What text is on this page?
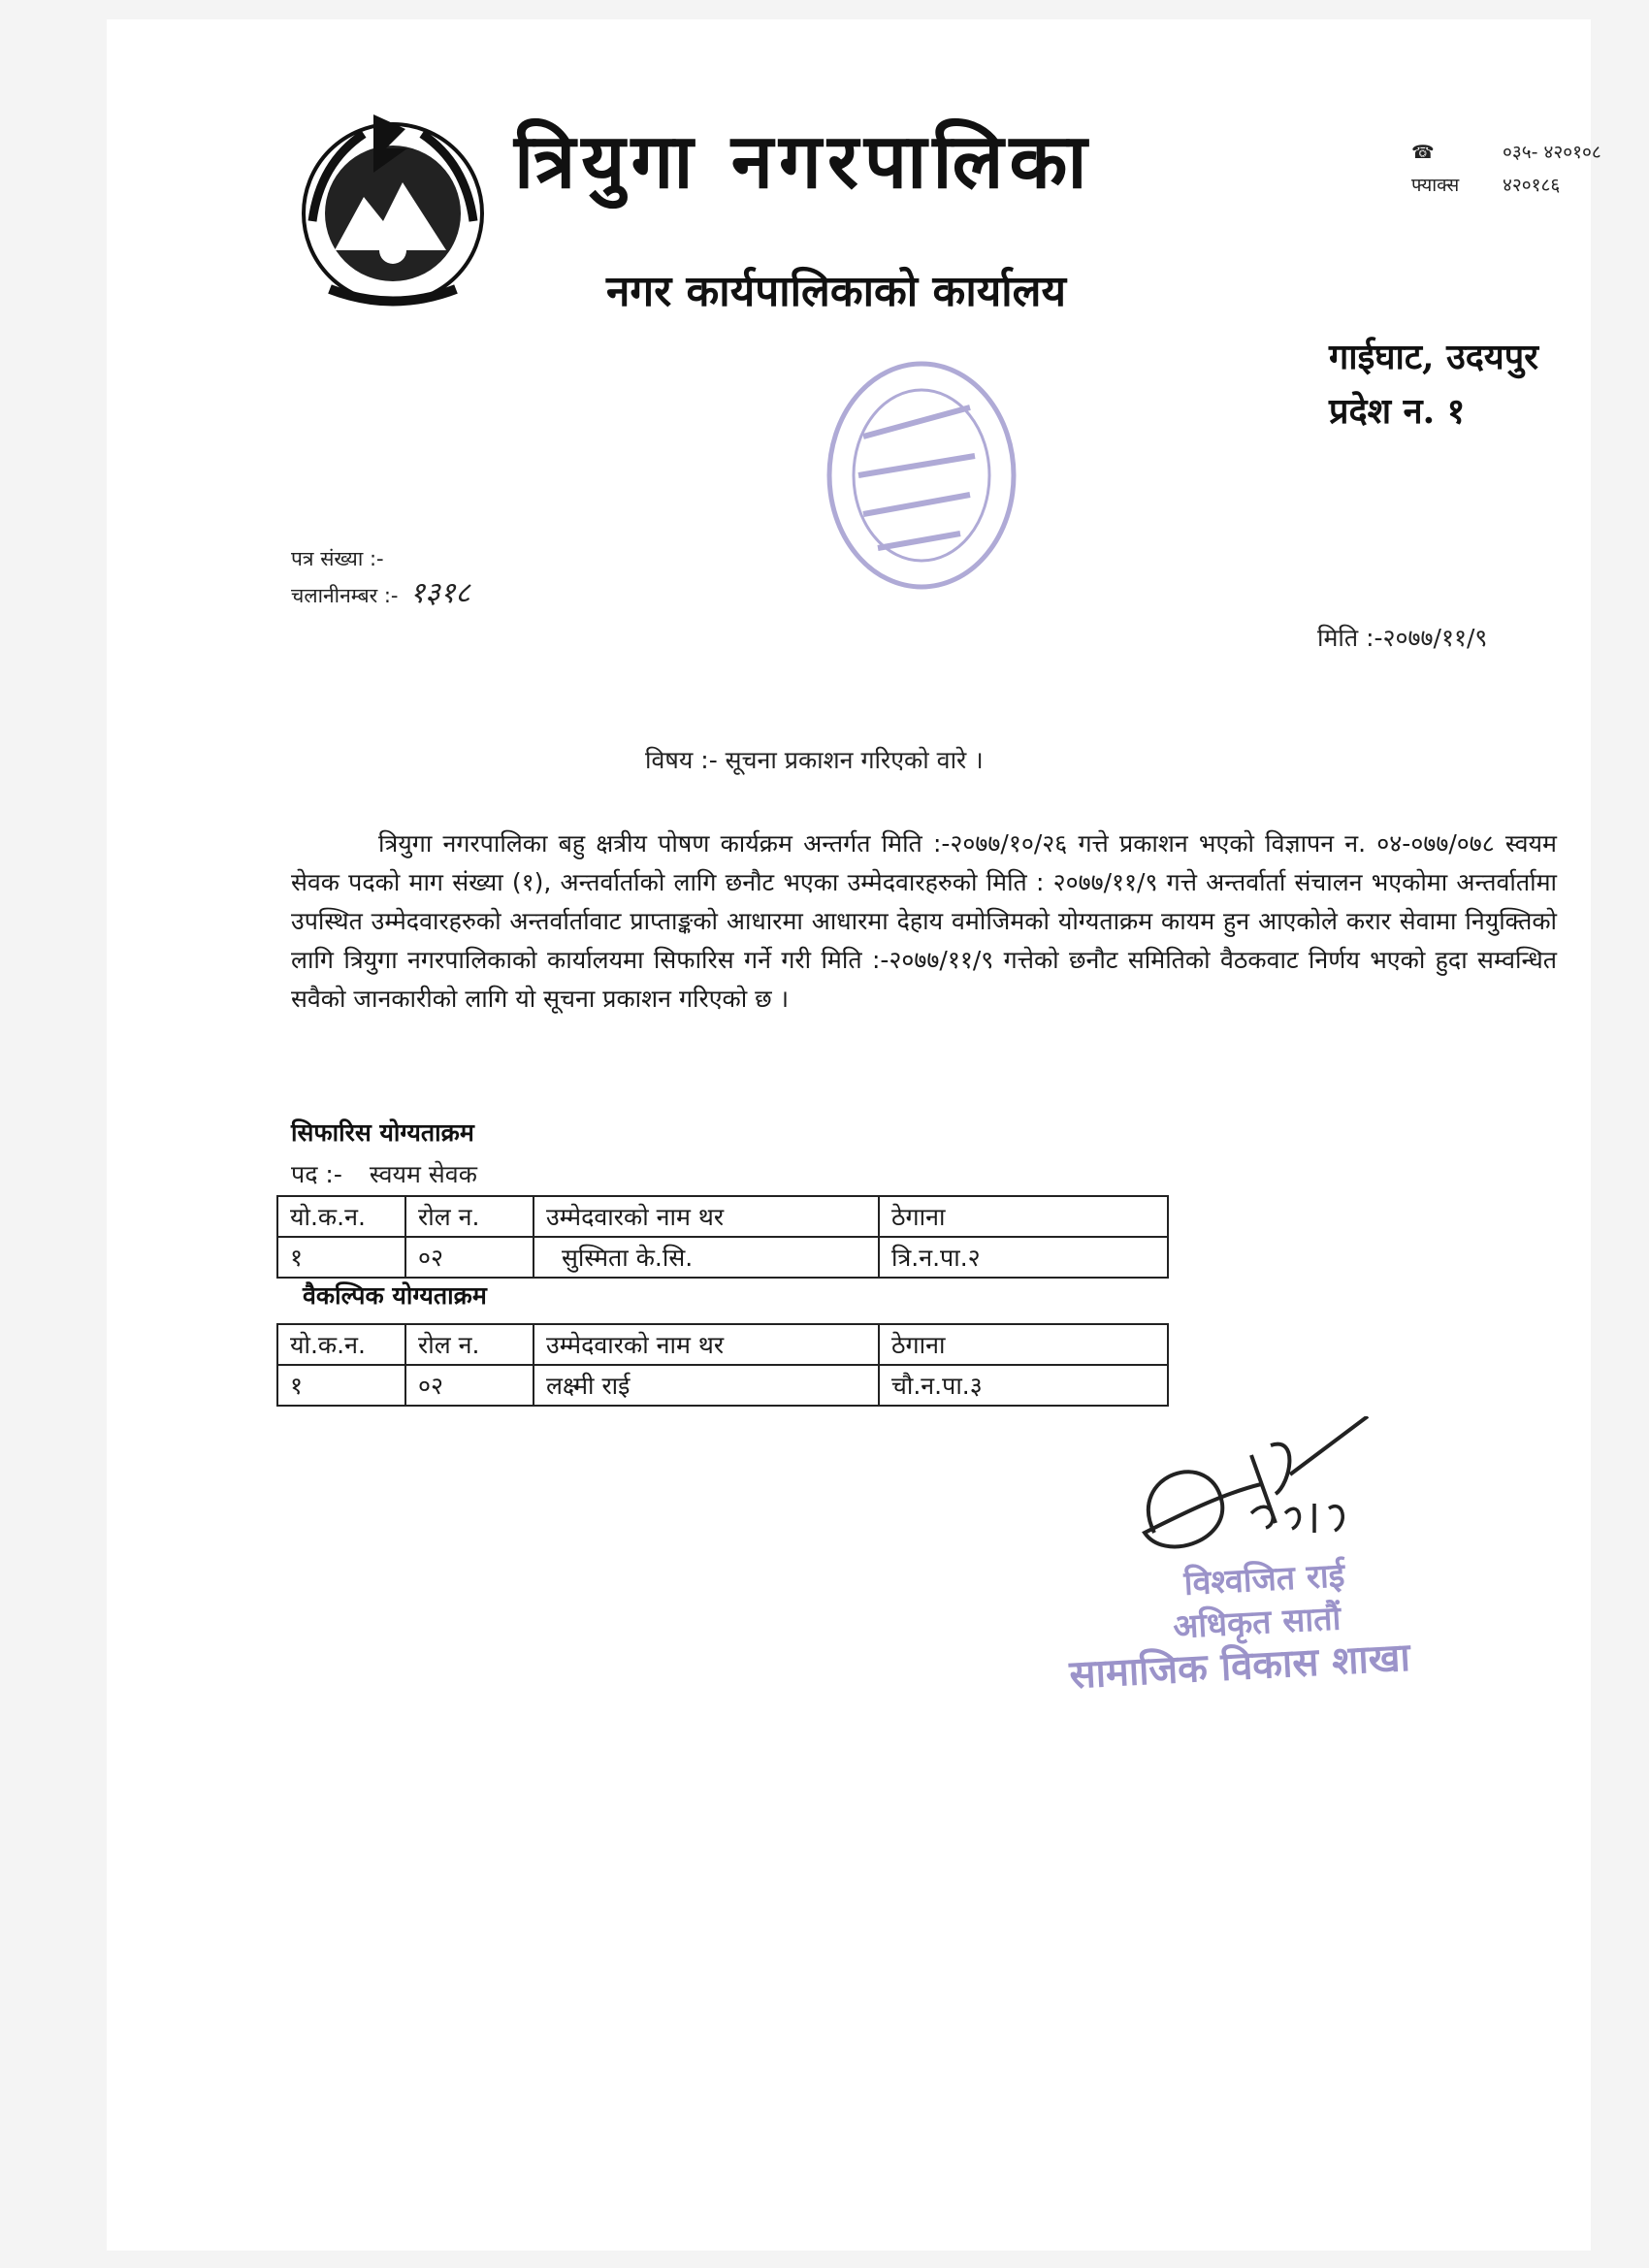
त्रियुगा नगरपालिका
नगर कार्यपालिकाको कार्यालय
☎	०३५- ४२०१०८
फ्याक्स	४२०१८६
गाईघाट, उदयपुर
प्रदेश न. १
पत्र संख्या :-
चलानीनम्बर :- १३१८
मिति :-२०७७/११/९
विषय :- सूचना प्रकाशन गरिएको वारे ।
त्रियुगा नगरपालिका बहु क्षत्रीय पोषण कार्यक्रम अन्तर्गत मिति :-२०७७/१०/२६ गत्ते प्रकाशन भएको विज्ञापन न. ०४-०७७/०७८ स्वयम सेवक पदको माग संख्या (१), अन्तर्वार्ताको लागि छनौट भएका उम्मेदवारहरुको मिति : २०७७/११/९ गत्ते अन्तर्वार्ता संचालन भएकोमा अन्तर्वार्तामा उपस्थित उम्मेदवारहरुको अन्तर्वार्तावाट प्राप्ताङ्कको आधारमा आधारमा देहाय वमोजिमको योग्यताक्रम कायम हुन आएकोले करार सेवामा नियुक्तिको लागि त्रियुगा नगरपालिकाको कार्यालयमा सिफारिस गर्ने गरी मिति :-२०७७/११/९ गत्तेको छनौट समितिको वैठकवाट निर्णय भएको हुदा सम्वन्धित सवैको जानकारीको लागि यो सूचना प्रकाशन गरिएको छ ।
सिफारिस योग्यताक्रम
पद :- स्वयम सेवक
यो.क.न.	रोल न.	उम्मेदवारको नाम थर	ठेगाना
१	०२	सुस्मिता के.सि.	त्रि.न.पा.२
वैकल्पिक योग्यताक्रम
यो.क.न.	रोल न.	उम्मेदवारको नाम थर	ठेगाना
१	०२	लक्ष्मी राई	चौ.न.पा.३
विश्वजित राई
अधिकृत सातौं
सामाजिक विकास शाखा
